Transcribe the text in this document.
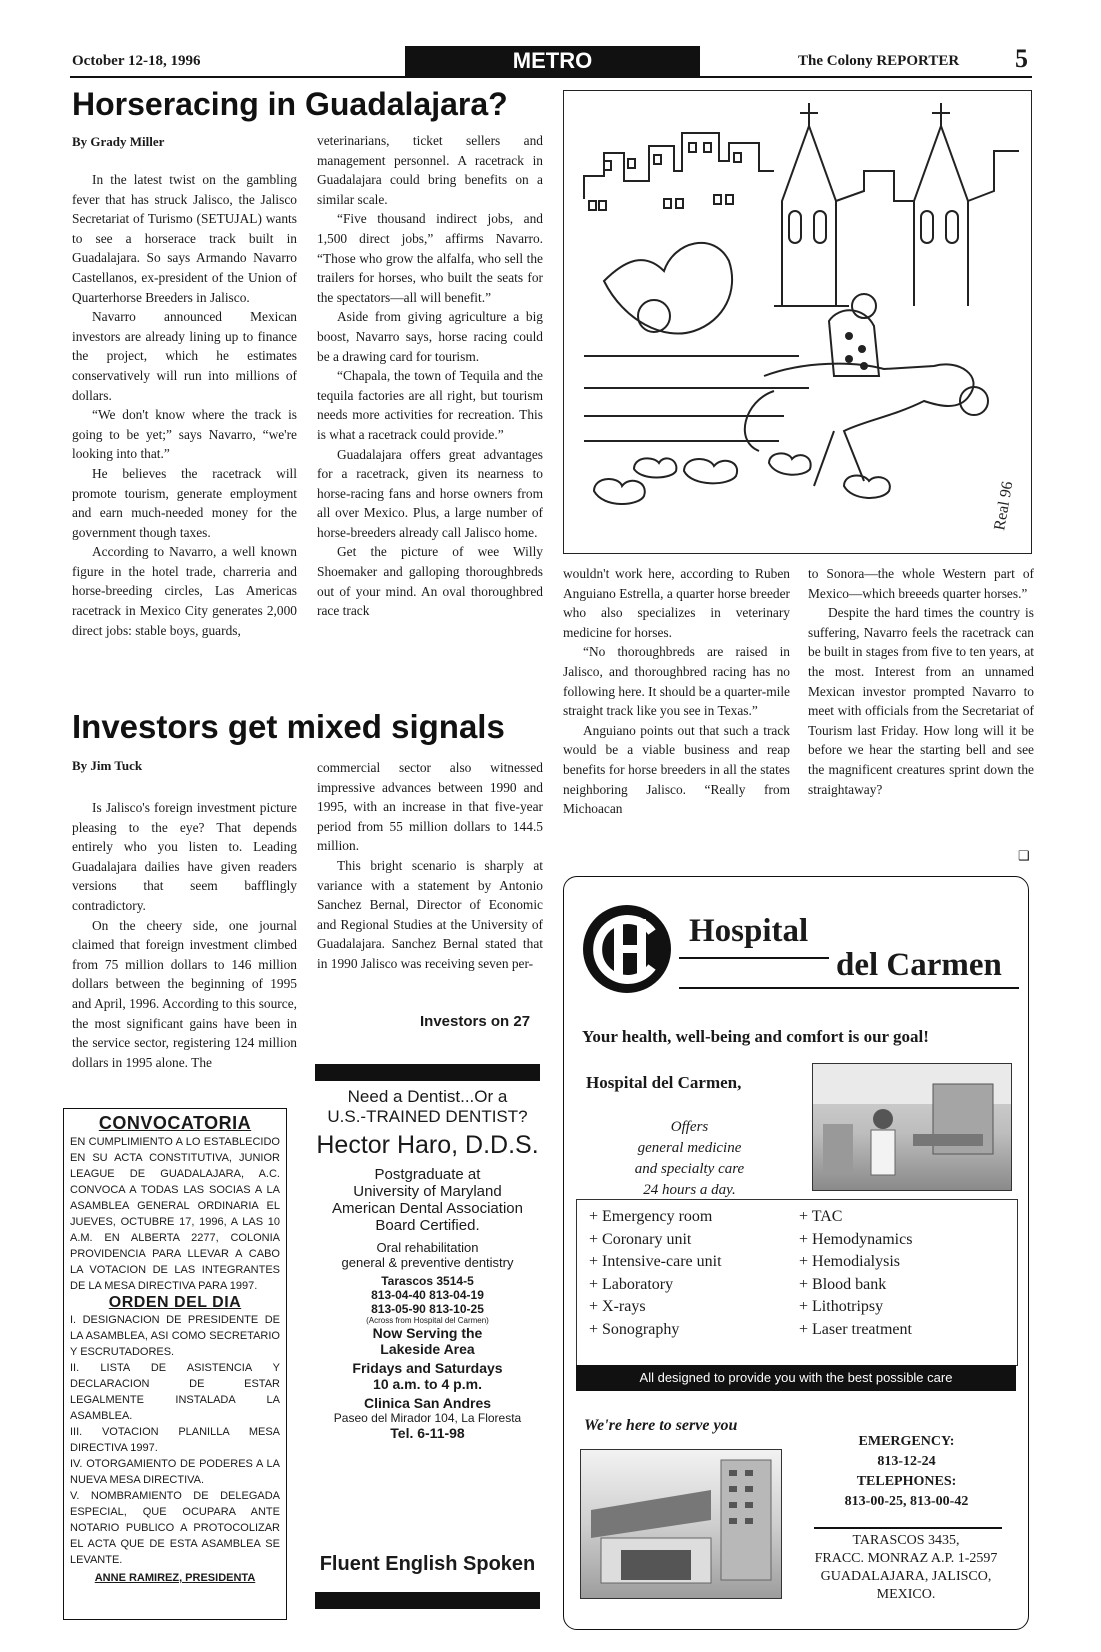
October 12-18, 1996	METRO	The Colony REPORTER 5
Horseracing in Guadalajara?
By Grady Miller

In the latest twist on the gambling fever that has struck Jalisco, the Jalisco Secretariat of Turismo (SETUJAL) wants to see a horserace track built in Guadalajara. So says Armando Navarro Castellanos, ex-president of the Union of Quarterhorse Breeders in Jalisco.

Navarro announced Mexican investors are already lining up to finance the project, which he estimates conservatively will run into millions of dollars.

“We don't know where the track is going to be yet;” says Navarro, “we're looking into that.”

He believes the racetrack will promote tourism, generate employment and earn much-needed money for the government though taxes.

According to Navarro, a well known figure in the hotel trade, charreria and horse-breeding circles, Las Americas racetrack in Mexico City generates 2,000 direct jobs: stable boys, guards,

veterinarians, ticket sellers and management personnel. A racetrack in Guadalajara could bring benefits on a similar scale.

“Five thousand indirect jobs, and 1,500 direct jobs,” affirms Navarro. “Those who grow the alfalfa, who sell the trailers for horses, who built the seats for the spectators—all will benefit.”

Aside from giving agriculture a big boost, Navarro says, horse racing could be a drawing card for tourism.

“Chapala, the town of Tequila and the tequila factories are all right, but tourism needs more activities for recreation. This is what a racetrack could provide.”

Guadalajara offers great advantages for a racetrack, given its nearness to horse-racing fans and horse owners from all over Mexico. Plus, a large number of horse-breeders already call Jalisco home.

Get the picture of wee Willy Shoemaker and galloping thoroughbreds out of your mind. An oval thoroughbred race track

Real 96

wouldn't work here, according to Ruben Anguiano Estrella, a quarter horse breeder who also specializes in veterinary medicine for horses.

“No thoroughbreds are raised in Jalisco, and thoroughbred racing has no following here. It should be a quarter-mile straight track like you see in Texas.”

Anguiano points out that such a track would be a viable business and reap benefits for horse breeders in all the states neighboring Jalisco. “Really from Michoacan

to Sonora—the whole Western part of Mexico—which breeeds quarter horses.”

Despite the hard times the country is suffering, Navarro feels the racetrack can be built in stages from five to ten years, at the most. Interest from an unnamed Mexican investor prompted Navarro to meet with officials from the Secretariat of Tourism last Friday. How long will it be before we hear the starting bell and see the magnificent creatures sprint down the straightaway?

❑
Investors get mixed signals
By Jim Tuck

Is Jalisco's foreign investment picture pleasing to the eye? That depends entirely who you listen to. Leading Guadalajara dailies have given readers versions that seem bafflingly contradictory.

On the cheery side, one journal claimed that foreign investment climbed from 75 million dollars to 146 million dollars between the beginning of 1995 and April, 1996. According to this source, the most significant gains have been in the service sector, registering 124 million dollars in 1995 alone. The

commercial sector also witnessed impressive advances between 1990 and 1995, with an increase in that five-year period from 55 million dollars to 144.5 million.

This bright scenario is sharply at variance with a statement by Antonio Sanchez Bernal, Director of Economic and Regional Studies at the University of Guadalajara. Sanchez Bernal stated that in 1990 Jalisco was receiving seven per-

Investors on 27
CONVOCATORIA
EN CUMPLIMIENTO A LO ESTABLECIDO EN SU ACTA CONSTITUTIVA, JUNIOR LEAGUE DE GUADALAJARA, A.C. CONVOCA A TODAS LAS SOCIAS A LA ASAMBLEA GENERAL ORDINARIA EL JUEVES, OCTUBRE 17, 1996, A LAS 10 A.M. EN ALBERTA 2277, COLONIA PROVIDENCIA PARA LLEVAR A CABO LA VOTACION DE LAS INTEGRANTES DE LA MESA DIRECTIVA PARA 1997.
ORDEN DEL DIA
I. DESIGNACION DE PRESIDENTE DE LA ASAMBLEA, ASI COMO SECRETARIO Y ESCRUTADORES.
II. LISTA DE ASISTENCIA Y DECLARACION DE ESTAR LEGALMENTE INSTALADA LA ASAMBLEA.
III. VOTACION PLANILLA MESA DIRECTIVA 1997.
IV. OTORGAMIENTO DE PODERES A LA NUEVA MESA DIRECTIVA.
V. NOMBRAMIENTO DE DELEGADA ESPECIAL, QUE OCUPARA ANTE NOTARIO PUBLICO A PROTOCOLIZAR EL ACTA QUE DE ESTA ASAMBLEA SE LEVANTE.
ANNE RAMIREZ, PRESIDENTA
Need a Dentist...Or a
U.S.-TRAINED DENTIST?
Hector Haro, D.D.S.
Postgraduate at
University of Maryland
American Dental Association
Board Certified.
Oral rehabilitation
general & preventive dentistry
Tarascos 3514-5
813-04-40 813-04-19
813-05-90 813-10-25
(Across from Hospital del Carmen)
Now Serving the
Lakeside Area
Fridays and Saturdays
10 a.m. to 4 p.m.
Clinica San Andres
Paseo del Mirador 104, La Floresta
Tel. 6-11-98
Fluent English Spoken
Hospital
del Carmen
Your health, well-being and comfort is our goal!
Hospital del Carmen,
Offers
general medicine
and specialty care
24 hours a day.
+ Emergency room
+ Coronary unit
+ Intensive-care unit
+ Laboratory
+ X-rays
+ Sonography
+ TAC
+ Hemodynamics
+ Hemodialysis
+ Blood bank
+ Lithotripsy
+ Laser treatment
All designed to provide you with the best possible care
We're here to serve you
EMERGENCY:
813-12-24
TELEPHONES:
813-00-25, 813-00-42
TARASCOS 3435,
FRACC. MONRAZ A.P. 1-2597
GUADALAJARA, JALISCO,
MEXICO.
